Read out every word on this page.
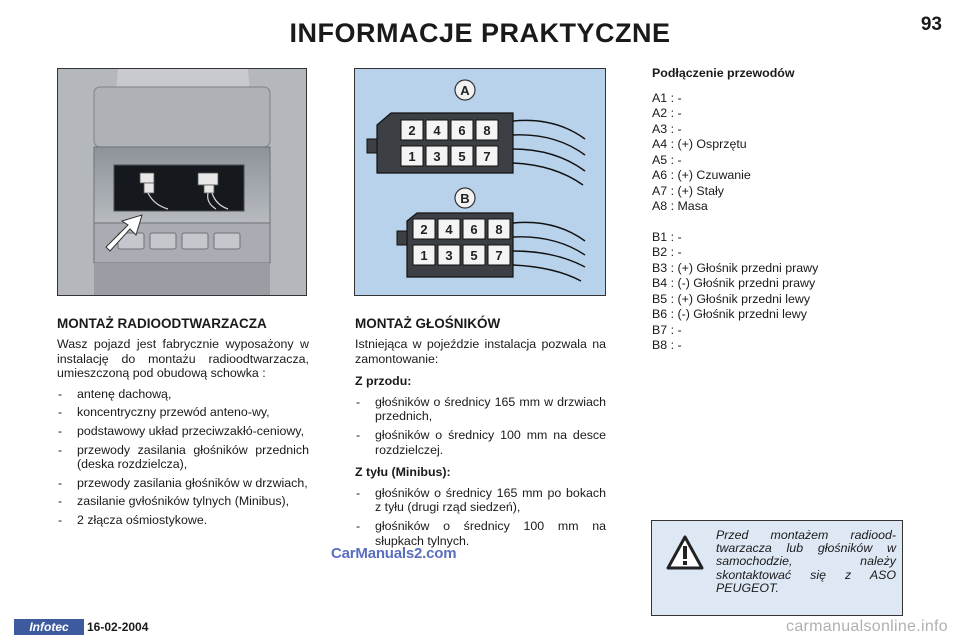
INFORMACJE PRAKTYCZNE	93
A
2 4 6 8
1 3 5 7
B
2 4 6 8
1 3 5 7
MONTAŻ RADIOODTWARZACZA

Wasz pojazd jest fabrycznie wyposażony w instalację do montażu radioodtwarzacza, umieszczoną pod obudową schowka :

- antenę dachową,
- koncentryczny przewód anteno-wy,
- podstawowy układ przeciwzakłó-ceniowy,
- przewody zasilania głośników przednich (deska rozdzielcza),
- przewody zasilania głośników w drzwiach,
- zasilanie gvłośników tylnych (Minibus),
- 2 złącza ośmiostykowe.
MONTAŻ GŁOŚNIKÓW

Istniejąca w pojeździe instalacja pozwala na zamontowanie:

Z przodu:
- głośników o średnicy 165 mm w drzwiach przednich,
- głośników o średnicy 100 mm na desce rozdzielczej.
Z tyłu (Minibus):
- głośników o średnicy 165 mm po bokach z tyłu (drugi rząd siedzeń),
- głośników o średnicy 100 mm na słupkach tylnych.
Podłączenie przewodów
A1 : -
A2 : -
A3 : -
A4 : (+) Osprzętu
A5 : -
A6 : (+) Czuwanie
A7 : (+) Stały
A8 : Masa
B1 : -
B2 : -
B3 : (+) Głośnik przedni prawy
B4 : (-) Głośnik przedni prawy
B5 : (+) Głośnik przedni lewy
B6 : (-) Głośnik przedni lewy
B7 : -
B8 : -
Przed montażem radiood-twarzacza lub głośników w samochodzie, należy skontaktować się z ASO PEUGEOT.
CarManuals2.com
Infotec	16-02-2004	carmanualsonline.info
